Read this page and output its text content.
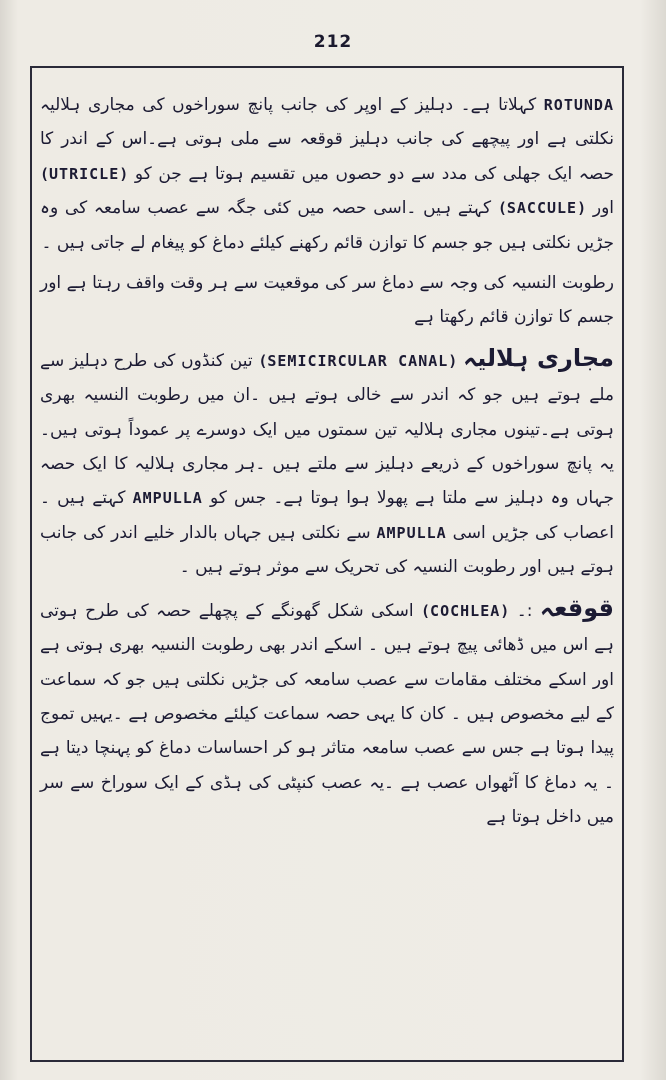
212

ROTUNDA کہلاتا ہے۔ دہلیز کے اوپر کی جانب پانچ سوراخوں کی مجاری ہلالیہ نکلتی ہے اور پیچھے کی جانب دہلیز قوقعہ سے ملی ہوتی ہے۔اس کے اندر کا حصہ ایک جھلی کی مدد سے دو حصوں میں تقسیم ہوتا ہے جن کو (UTRICLE) اور (SACCULE) کہتے ہیں ۔اسی حصہ میں کئی جگہ سے عصب سامعہ کی وہ جڑیں نکلتی ہیں جو جسم کا توازن قائم رکھنے کیلئے دماغ کو پیغام لے جاتی ہیں ۔

رطوبت النسیہ کی وجہ سے دماغ سر کی موقعیت سے ہر وقت واقف رہتا ہے اور جسم کا توازن قائم رکھتا ہے

مجاری ہلالیہ (SEMICIRCULAR CANAL) تین کنڈوں کی طرح دہلیز سے ملے ہوتے ہیں جو کہ اندر سے خالی ہوتے ہیں ۔ان میں رطوبت النسیہ بھری ہوتی ہے۔تینوں مجاری ہلالیہ تین سمتوں میں ایک دوسرے پر عموداً ہوتی ہیں۔یہ پانچ سوراخوں کے ذریعے دہلیز سے ملتے ہیں ۔ہر مجاری ہلالیہ کا ایک حصہ جہاں وہ دہلیز سے ملتا ہے پھولا ہوا ہوتا ہے۔ جس کو AMPULLA کہتے ہیں ۔اعصاب کی جڑیں اسی AMPULLA سے نکلتی ہیں جہاں بالدار خلیے اندر کی جانب ہوتے ہیں اور رطوبت النسیہ کی تحریک سے موثر ہوتے ہیں ۔

قوقعہ :۔ (COCHLEA) اسکی شکل گھونگے کے پچھلے حصہ کی طرح ہوتی ہے اس میں ڈھائی پیچ ہوتے ہیں ۔ اسکے اندر بھی رطوبت النسیہ بھری ہوتی ہے اور اسکے مختلف مقامات سے عصب سامعہ کی جڑیں نکلتی ہیں جو کہ سماعت کے لیے مخصوص ہیں ۔ کان کا یہی حصہ سماعت کیلئے مخصوص ہے ۔یہیں تموج پیدا ہوتا ہے جس سے عصب سامعہ متاثر ہو کر احساسات دماغ کو پہنچا دیتا ہے ۔ یہ دماغ کا آٹھواں عصب ہے ۔یہ عصب کنپٹی کی ہڈی کے ایک سوراخ سے سر میں داخل ہوتا ہے
